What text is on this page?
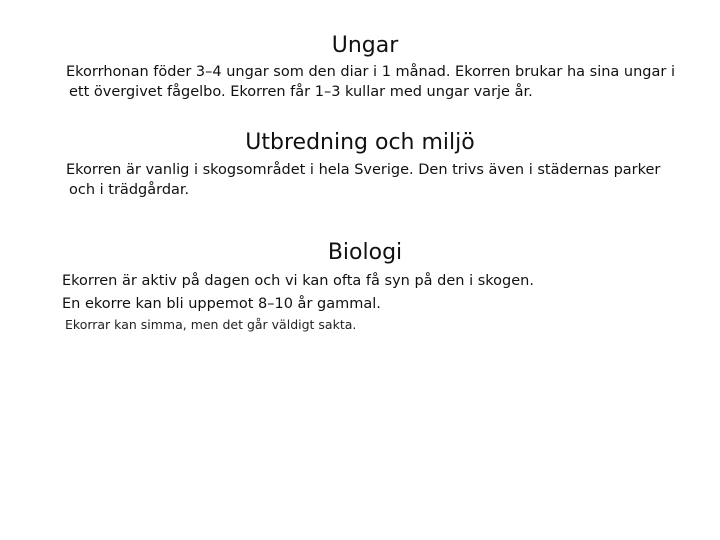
Ungar

Ekorrhonan föder 3–4 ungar som den diar i 1 månad. Ekorren brukar ha sina ungar i
ett övergivet fågelbo. Ekorren får 1–3 kullar med ungar varje år.

Utbredning och miljö

Ekorren är vanlig i skogsområdet i hela Sverige. Den trivs även i städernas parker
och i trädgårdar.

Biologi

Ekorren är aktiv på dagen och vi kan ofta få syn på den i skogen.
En ekorre kan bli uppemot 8–10 år gammal.

Ekorrar kan simma, men det går väldigt sakta.
